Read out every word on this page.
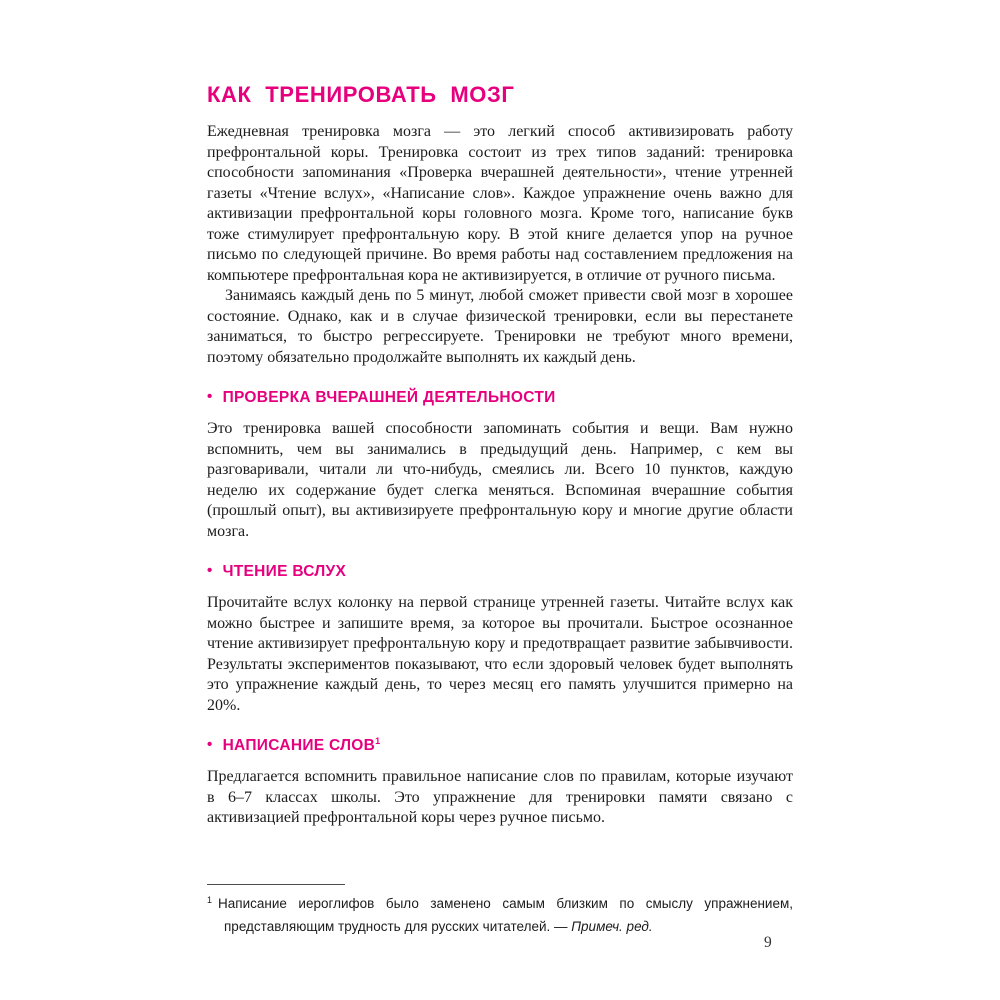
КАК ТРЕНИРОВАТЬ МОЗГ

Ежедневная тренировка мозга — это легкий способ активизировать работу префронтальной коры. Тренировка состоит из трех типов заданий: тренировка способности запоминания «Проверка вчерашней деятельности», чтение утренней газеты «Чтение вслух», «Написание слов». Каждое упражнение очень важно для активизации префронтальной коры головного мозга. Кроме того, написание букв тоже стимулирует префронтальную кору. В этой книге делается упор на ручное письмо по следующей причине. Во время работы над составлением предложения на компьютере префронтальная кора не активизируется, в отличие от ручного письма.

Занимаясь каждый день по 5 минут, любой сможет привести свой мозг в хорошее состояние. Однако, как и в случае физической тренировки, если вы перестанете заниматься, то быстро регрессируете. Тренировки не требуют много времени, поэтому обязательно продолжайте выполнять их каждый день.

• ПРОВЕРКА ВЧЕРАШНЕЙ ДЕЯТЕЛЬНОСТИ

Это тренировка вашей способности запоминать события и вещи. Вам нужно вспомнить, чем вы занимались в предыдущий день. Например, с кем вы разговаривали, читали ли что-нибудь, смеялись ли. Всего 10 пунктов, каждую неделю их содержание будет слегка меняться. Вспоминая вчерашние события (прошлый опыт), вы активизируете префронтальную кору и многие другие области мозга.

• ЧТЕНИЕ ВСЛУХ

Прочитайте вслух колонку на первой странице утренней газеты. Читайте вслух как можно быстрее и запишите время, за которое вы прочитали. Быстрое осознанное чтение активизирует префронтальную кору и предотвращает развитие забывчивости. Результаты экспериментов показывают, что если здоровый человек будет выполнять это упражнение каждый день, то через месяц его память улучшится примерно на 20%.

• НАПИСАНИЕ СЛОВ$^1$

Предлагается вспомнить правильное написание слов по правилам, которые изучают в 6–7 классах школы. Это упражнение для тренировки памяти связано с активизацией префронтальной коры через ручное письмо.

$^1$ Написание иероглифов было заменено самым близким по смыслу упражнением, представляющим трудность для русских читателей. — Примеч. ред.
9
